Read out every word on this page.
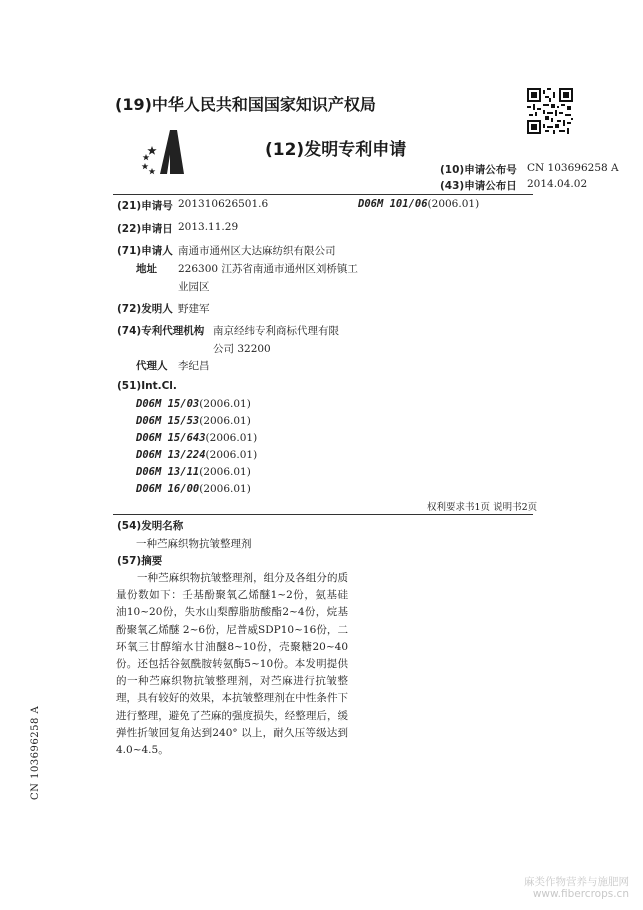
(19)中华人民共和国国家知识产权局
(12)发明专利申请
(10)申请公布号 CN 103696258 A
(43)申请公布日 2014.04.02
(21)申请号 201310626501.6	D06M 101/06(2006.01)
(22)申请日 2013.11.29
(71)申请人 南通市通州区大达麻纺织有限公司
地址 226300 江苏省南通市通州区刘桥镇工
业园区
(72)发明人 野建军
(74)专利代理机构 南京经纬专利商标代理有限
公司 32200
代理人 李纪昌
(51)Int.Cl.
D06M 15/03(2006.01)
D06M 15/53(2006.01)
D06M 15/643(2006.01)
D06M 13/224(2006.01)
D06M 13/11(2006.01)
D06M 16/00(2006.01)
权利要求书1页 说明书2页
(54)发明名称
一种苎麻织物抗皱整理剂
(57)摘要

一种苎麻织物抗皱整理剂，组分及各组分的质量份数如下：壬基酚聚氧乙烯醚1~2份，氨基硅油10~20份，失水山梨醇脂肪酸酯2~4份，烷基酚聚氧乙烯醚 2~6份，尼普威SDP10~16份，二环氧三甘醇缩水甘油醚8~10份，壳聚糖20~40份。还包括谷氨酰胺转氨酶5~10份。本发明提供的一种苎麻织物抗皱整理剂，对苎麻进行抗皱整理，具有较好的效果，本抗皱整理剂在中性条件下进行整理，避免了苎麻的强度损失，经整理后，缓弹性折皱回复角达到240° 以上，耐久压等级达到4.0~4.5。

CN 103696258 A
麻类作物营养与施肥网
www.fibercrops.cn
